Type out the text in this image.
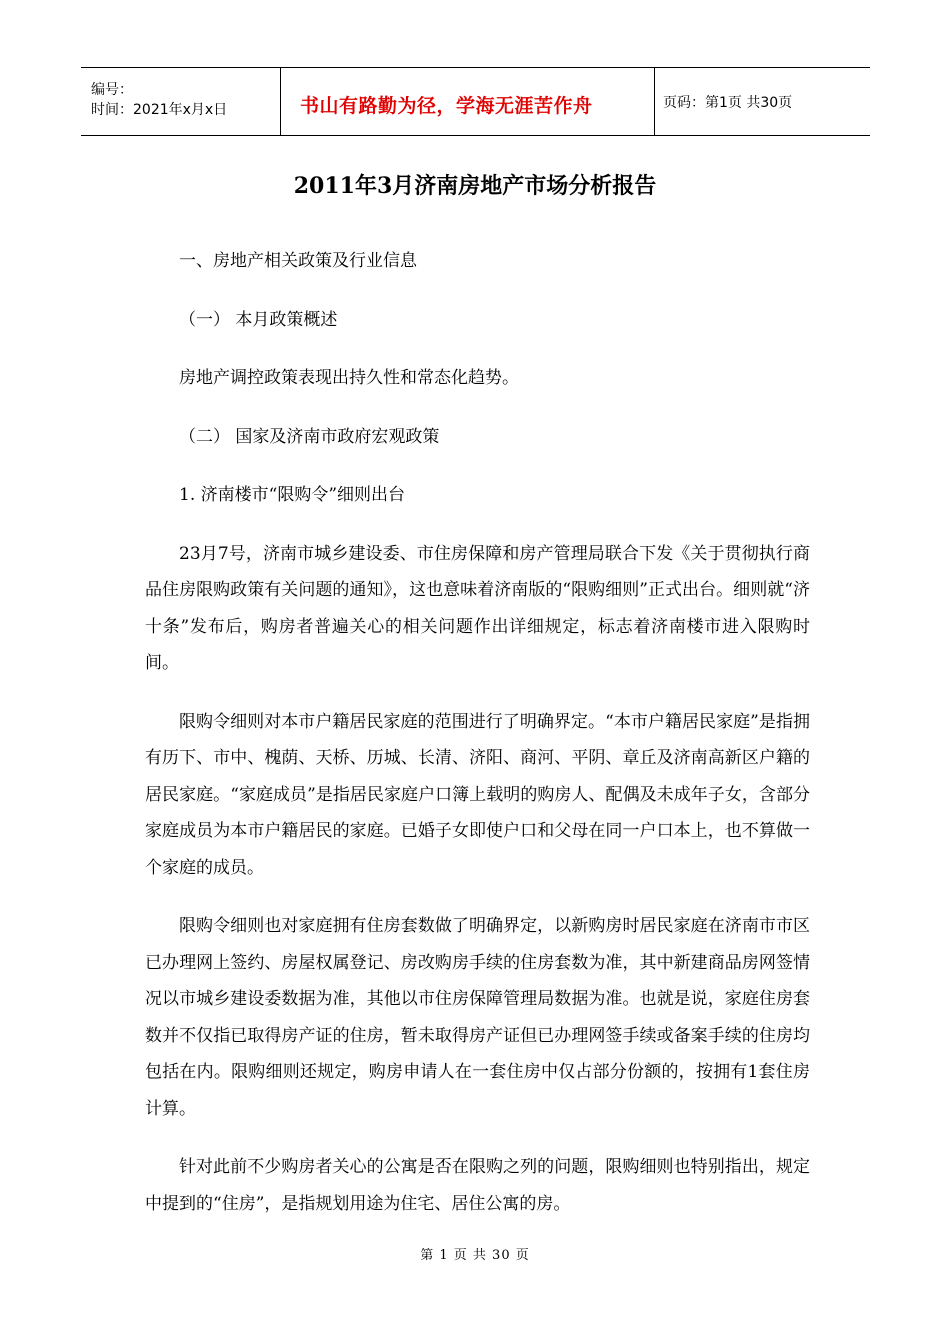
编号：
时间：2021年x月x日	书山有路勤为径，学海无涯苦作舟	页码：第1页 共30页
2011年3月济南房地产市场分析报告

一、房地产相关政策及行业信息

（一） 本月政策概述

房地产调控政策表现出持久性和常态化趋势。

（二） 国家及济南市政府宏观政策

1. 济南楼市“限购令”细则出台

23月7号，济南市城乡建设委、市住房保障和房产管理局联合下发《关于贯彻执行商品住房限购政策有关问题的通知》，这也意味着济南版的“限购细则”正式出台。细则就“济十条”发布后，购房者普遍关心的相关问题作出详细规定，标志着济南楼市进入限购时间。

限购令细则对本市户籍居民家庭的范围进行了明确界定。“本市户籍居民家庭”是指拥有历下、市中、槐荫、天桥、历城、长清、济阳、商河、平阴、章丘及济南高新区户籍的居民家庭。“家庭成员”是指居民家庭户口簿上载明的购房人、配偶及未成年子女，含部分家庭成员为本市户籍居民的家庭。已婚子女即使户口和父母在同一户口本上，也不算做一个家庭的成员。

限购令细则也对家庭拥有住房套数做了明确界定，以新购房时居民家庭在济南市市区已办理网上签约、房屋权属登记、房改购房手续的住房套数为准，其中新建商品房网签情况以市城乡建设委数据为准，其他以市住房保障管理局数据为准。也就是说，家庭住房套数并不仅指已取得房产证的住房，暂未取得房产证但已办理网签手续或备案手续的住房均包括在内。限购细则还规定，购房申请人在一套住房中仅占部分份额的，按拥有1套住房计算。

针对此前不少购房者关心的公寓是否在限购之列的问题，限购细则也特别指出，规定中提到的“住房”，是指规划用途为住宅、居住公寓的房。

第 1 页 共 30 页
